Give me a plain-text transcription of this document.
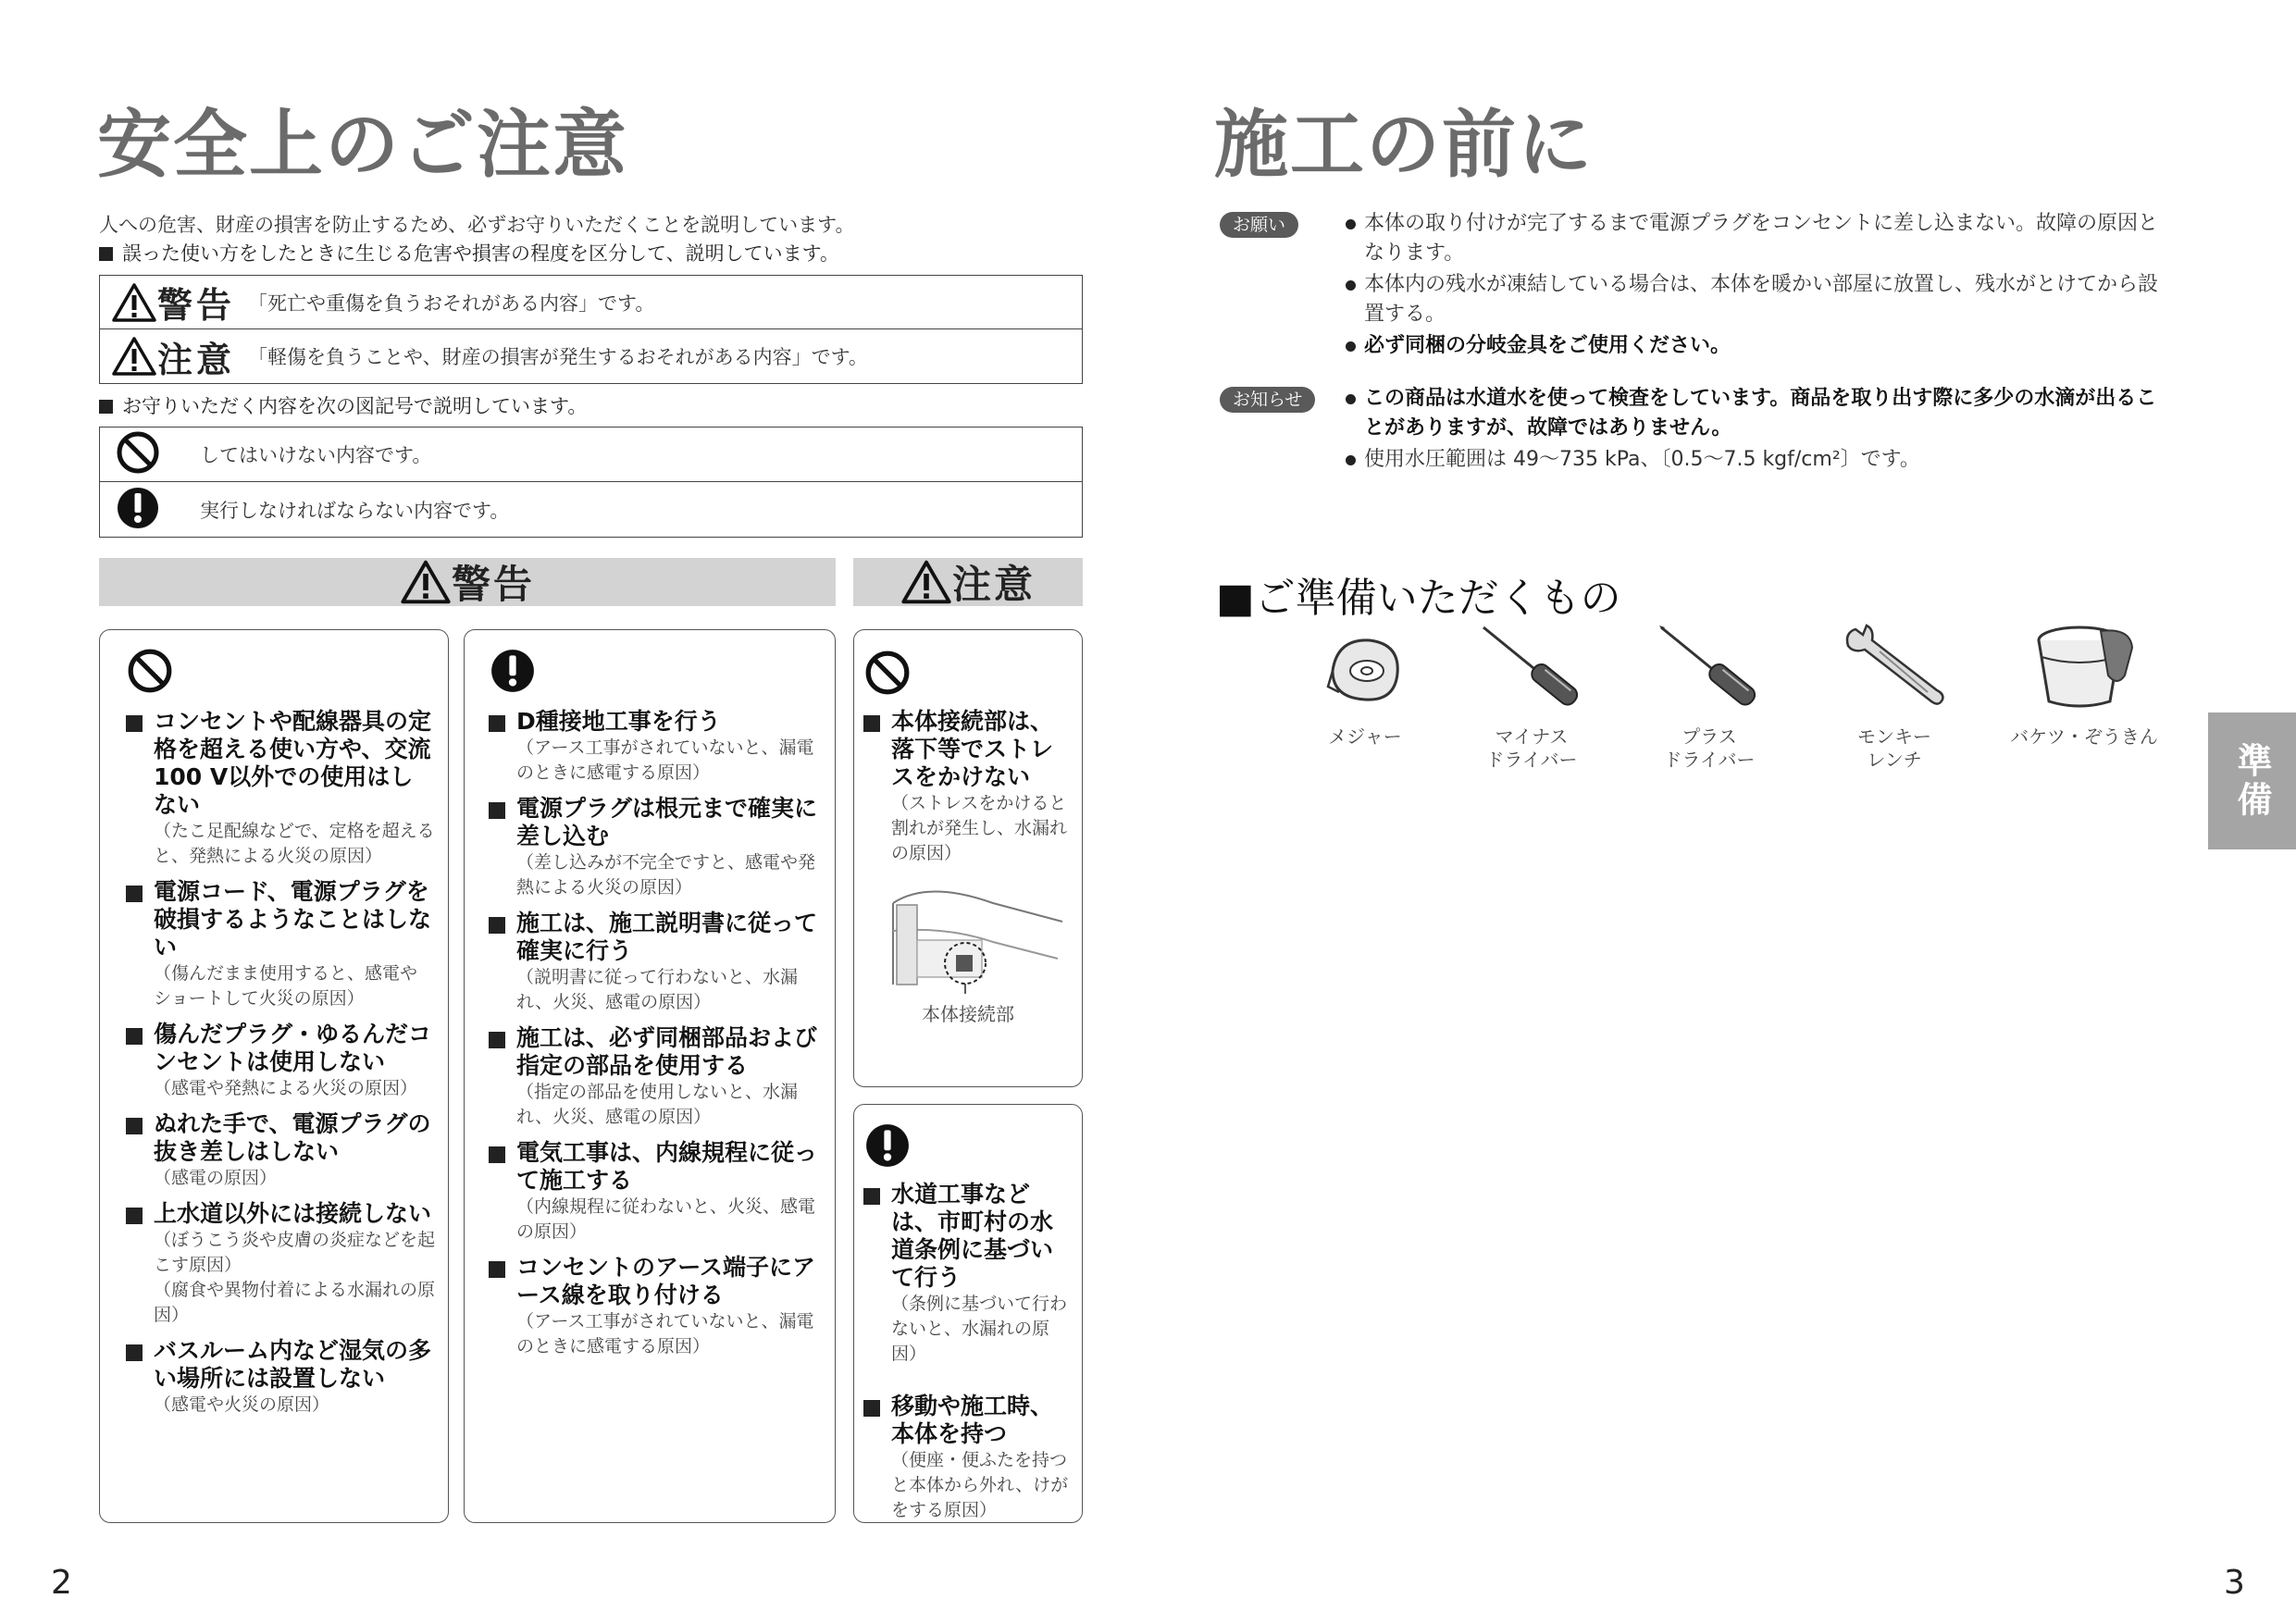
安全上のご注意
人への危害、財産の損害を防止するため、必ずお守りいただくことを説明しています。
誤った使い方をしたときに生じる危害や損害の程度を区分して、説明しています。
警告 「死亡や重傷を負うおそれがある内容」です。
注意 「軽傷を負うことや、財産の損害が発生するおそれがある内容」です。
お守りいただく内容を次の図記号で説明しています。
してはいけない内容です。
実行しなければならない内容です。
警告	注意
コンセントや配線器具の定格を超える使い方や、交流100 V以外での使用はしない
（たこ足配線などで、定格を超えると、発熱による火災の原因）
電源コード、電源プラグを破損するようなことはしない
（傷んだまま使用すると、感電やショートして火災の原因）
傷んだプラグ・ゆるんだコンセントは使用しない
（感電や発熱による火災の原因）
ぬれた手で、電源プラグの抜き差しはしない
（感電の原因）
上水道以外には接続しない
（ぼうこう炎や皮膚の炎症などを起こす原因）
（腐食や異物付着による水漏れの原因）
バスルーム内など湿気の多い場所には設置しない
（感電や火災の原因）
D種接地工事を行う
（アース工事がされていないと、漏電のときに感電する原因）
電源プラグは根元まで確実に差し込む
（差し込みが不完全ですと、感電や発熱による火災の原因）
施工は、施工説明書に従って確実に行う
（説明書に従って行わないと、水漏れ、火災、感電の原因）
施工は、必ず同梱部品および指定の部品を使用する
（指定の部品を使用しないと、水漏れ、火災、感電の原因）
電気工事は、内線規程に従って施工する
（内線規程に従わないと、火災、感電の原因）
コンセントのアース端子にアース線を取り付ける
（アース工事がされていないと、漏電のときに感電する原因）
本体接続部は、落下等でストレスをかけない
（ストレスをかけると割れが発生し、水漏れの原因）
本体接続部
水道工事などは、市町村の水道条例に基づいて行う
（条例に基づいて行わないと、水漏れの原因）
移動や施工時、本体を持つ
（便座・便ふたを持つと本体から外れ、けがをする原因）
2
施工の前に
お願い	本体の取り付けが完了するまで電源プラグをコンセントに差し込まない。故障の原因となります。
本体内の残水が凍結している場合は、本体を暖かい部屋に放置し、残水がとけてから設置する。
必ず同梱の分岐金具をご使用ください。
お知らせ	この商品は水道水を使って検査をしています。商品を取り出す際に多少の水滴が出ることがありますが、故障ではありません。
使用水圧範囲は 49〜735 kPa、〔0.5〜7.5 kgf/cm²〕です。
■ご準備いただくもの
メジャー	マイナス
ドライバー
プラス
ドライバー
モンキー
レンチ
バケツ・ぞうきん
準備
3
